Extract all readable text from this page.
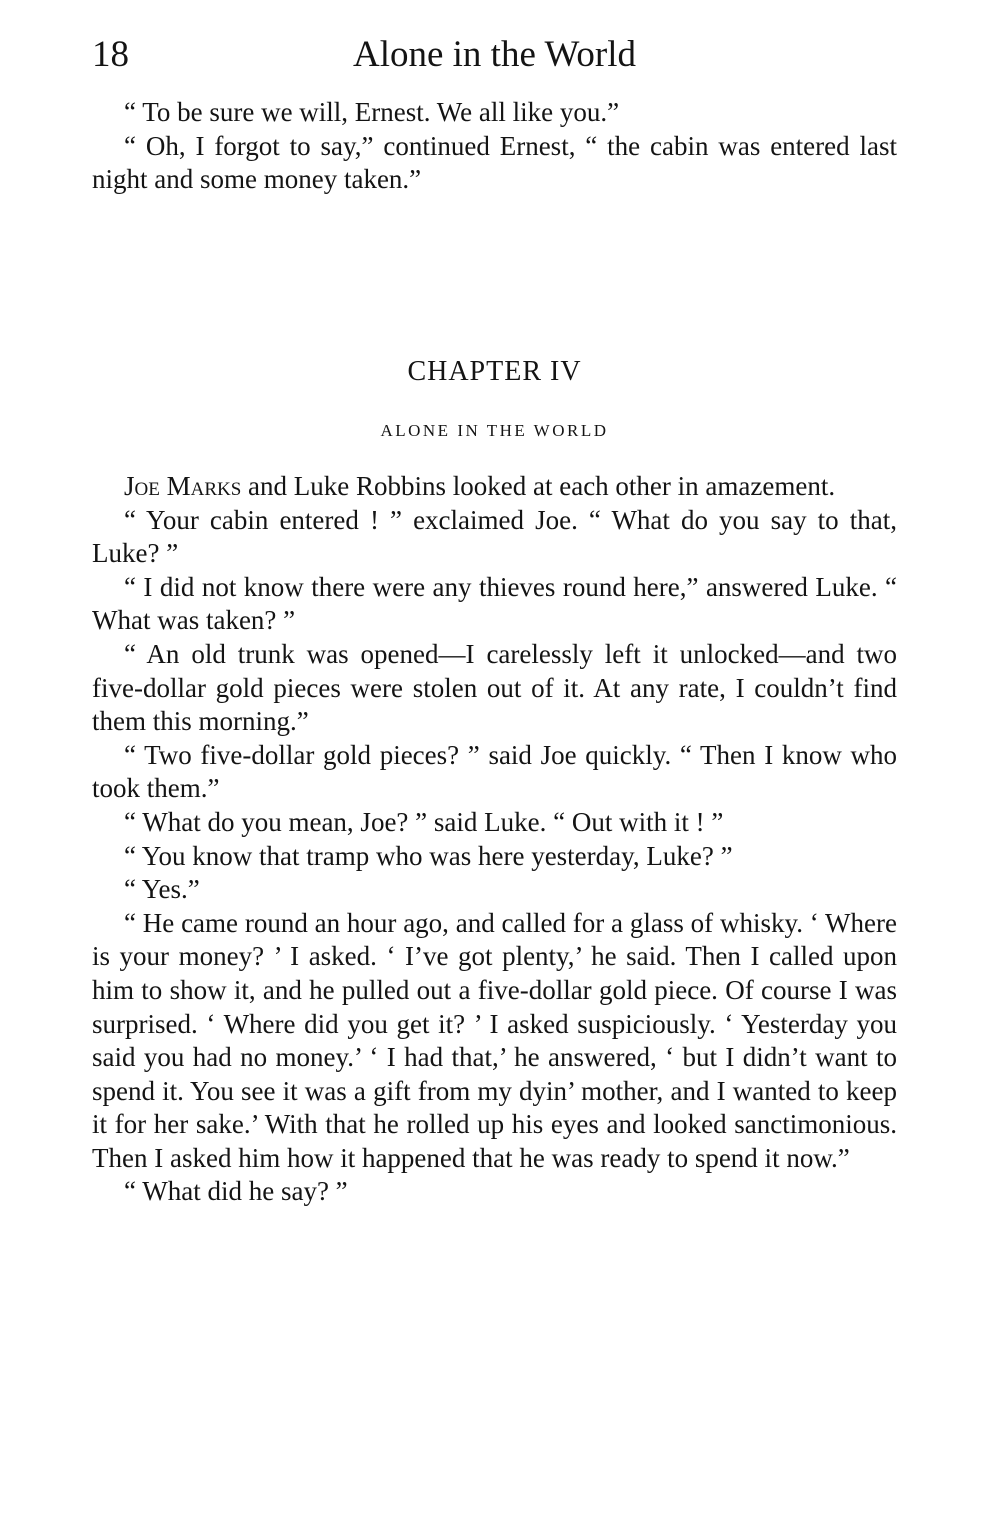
18	Alone in the World

“ To be sure we will, Ernest. We all like you.”

“ Oh, I forgot to say,” continued Ernest, “ the cabin was entered last night and some money taken.”

CHAPTER IV
ALONE IN THE WORLD

Joe Marks and Luke Robbins looked at each other in amazement.

“ Your cabin entered ! ” exclaimed Joe. “ What do you say to that, Luke? ”

“ I did not know there were any thieves round here,” answered Luke. “ What was taken? ”

“ An old trunk was opened—I carelessly left it unlocked—and two five-dollar gold pieces were stolen out of it. At any rate, I couldn’t find them this morning.”

“ Two five-dollar gold pieces? ” said Joe quickly. “ Then I know who took them.”

“ What do you mean, Joe? ” said Luke. “ Out with it ! ”

“ You know that tramp who was here yesterday, Luke? ”

“ Yes.”

“ He came round an hour ago, and called for a glass of whisky. ‘ Where is your money? ’ I asked. ‘ I’ve got plenty,’ he said. Then I called upon him to show it, and he pulled out a five-dollar gold piece. Of course I was surprised. ‘ Where did you get it? ’ I asked suspiciously. ‘ Yesterday you said you had no money.’ ‘ I had that,’ he answered, ‘ but I didn’t want to spend it. You see it was a gift from my dyin’ mother, and I wanted to keep it for her sake.’ With that he rolled up his eyes and looked sanctimonious. Then I asked him how it happened that he was ready to spend it now.”

“ What did he say? ”
